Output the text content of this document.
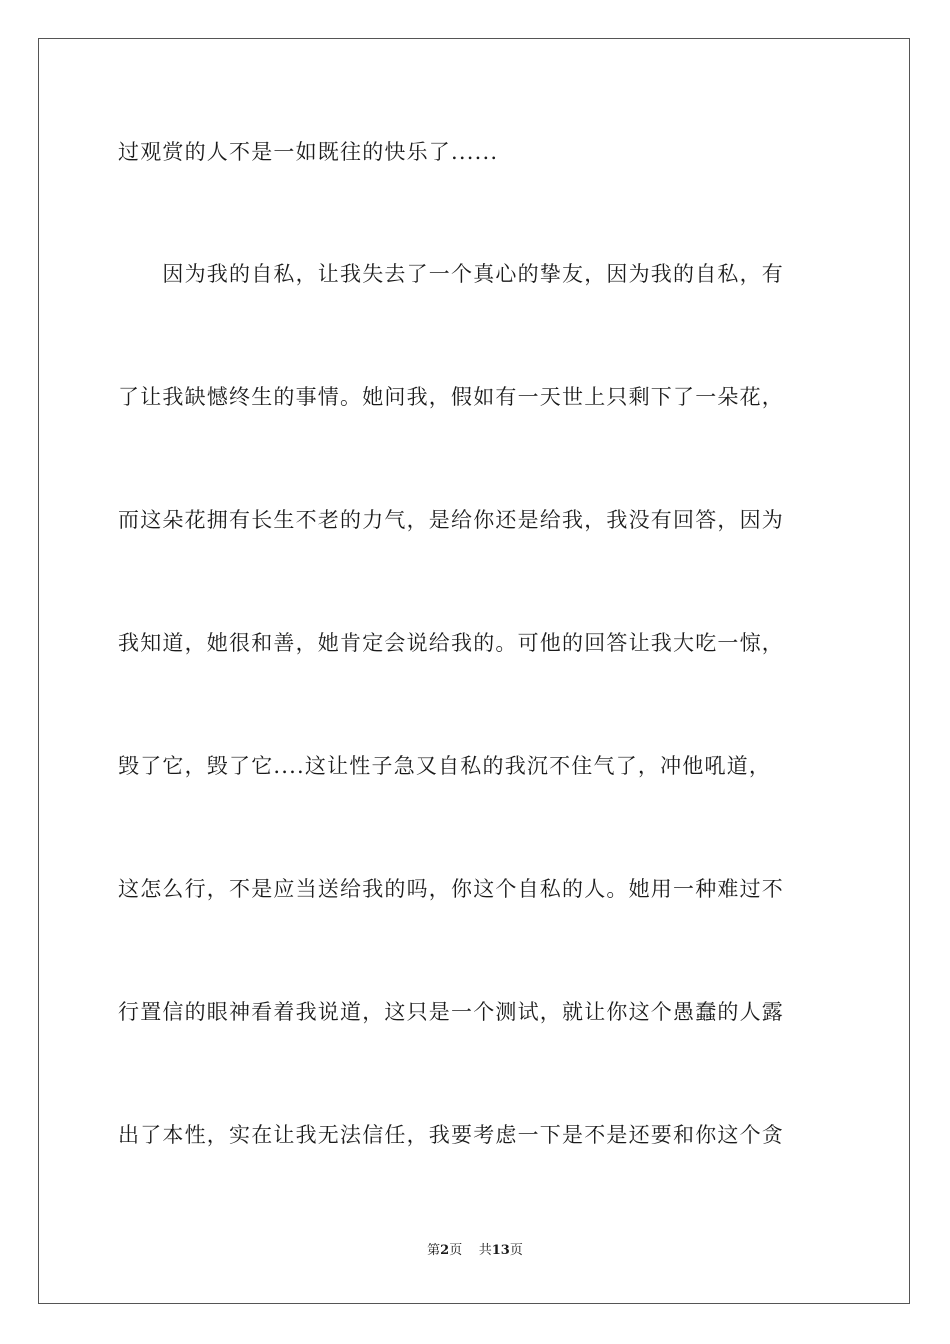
过观赏的人不是一如既往的快乐了......
　　因为我的自私，让我失去了一个真心的挚友，因为我的自私，有
了让我缺憾终生的事情。她问我，假如有一天世上只剩下了一朵花，
而这朵花拥有长生不老的力气，是给你还是给我，我没有回答，因为
我知道，她很和善，她肯定会说给我的。可他的回答让我大吃一惊，
毁了它，毁了它....这让性子急又自私的我沉不住气了，冲他吼道，
这怎么行，不是应当送给我的吗，你这个自私的人。她用一种难过不
行置信的眼神看着我说道，这只是一个测试，就让你这个愚蠢的人露
出了本性，实在让我无法信任，我要考虑一下是不是还要和你这个贪
第2页 共13页
